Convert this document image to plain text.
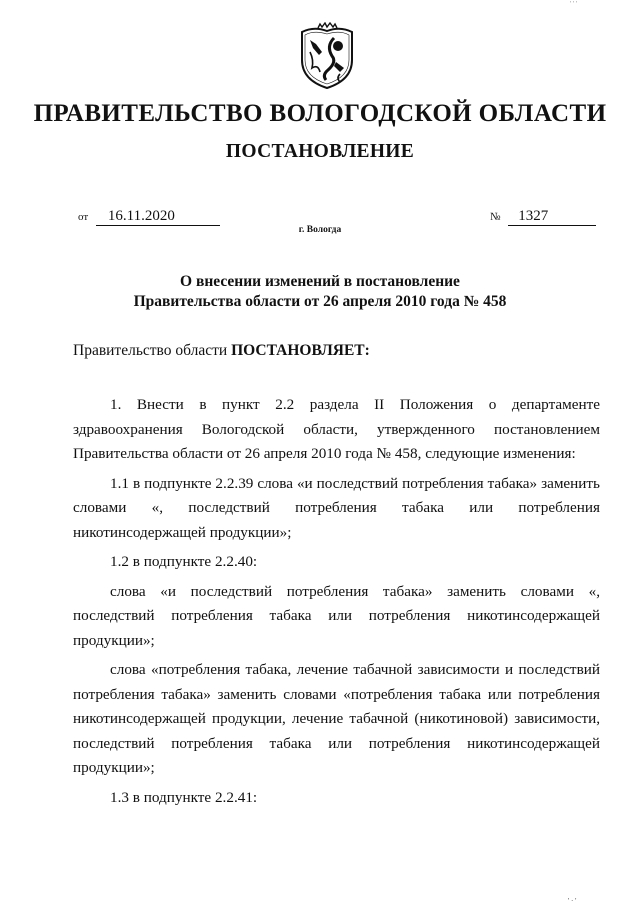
' ' '
ПРАВИТЕЛЬСТВО ВОЛОГОДСКОЙ ОБЛАСТИ
ПОСТАНОВЛЕНИЕ
от 16.11.2020	№ 1327
г. Вологда
О внесении изменений в постановление
Правительства области от 26 апреля 2010 года № 458
Правительство области ПОСТАНОВЛЯЕТ:

1. Внести в пункт 2.2 раздела II Положения о департаменте здравоохранения Вологодской области, утвержденного постановлением Правительства области от 26 апреля 2010 года № 458, следующие изменения:

1.1 в подпункте 2.2.39 слова «и последствий потребления табака» заменить словами «, последствий потребления табака или потребления никотинсодержащей продукции»;

1.2 в подпункте 2.2.40:

слова «и последствий потребления табака» заменить словами «, последствий потребления табака или потребления никотинсодержащей продукции»;

слова «потребления табака, лечение табачной зависимости и последствий потребления табака» заменить словами «потребления табака или потребления никотинсодержащей продукции, лечение табачной (никотиновой) зависимости, последствий потребления табака или потребления никотинсодержащей продукции»;

1.3 в подпункте 2.2.41:

' · '
